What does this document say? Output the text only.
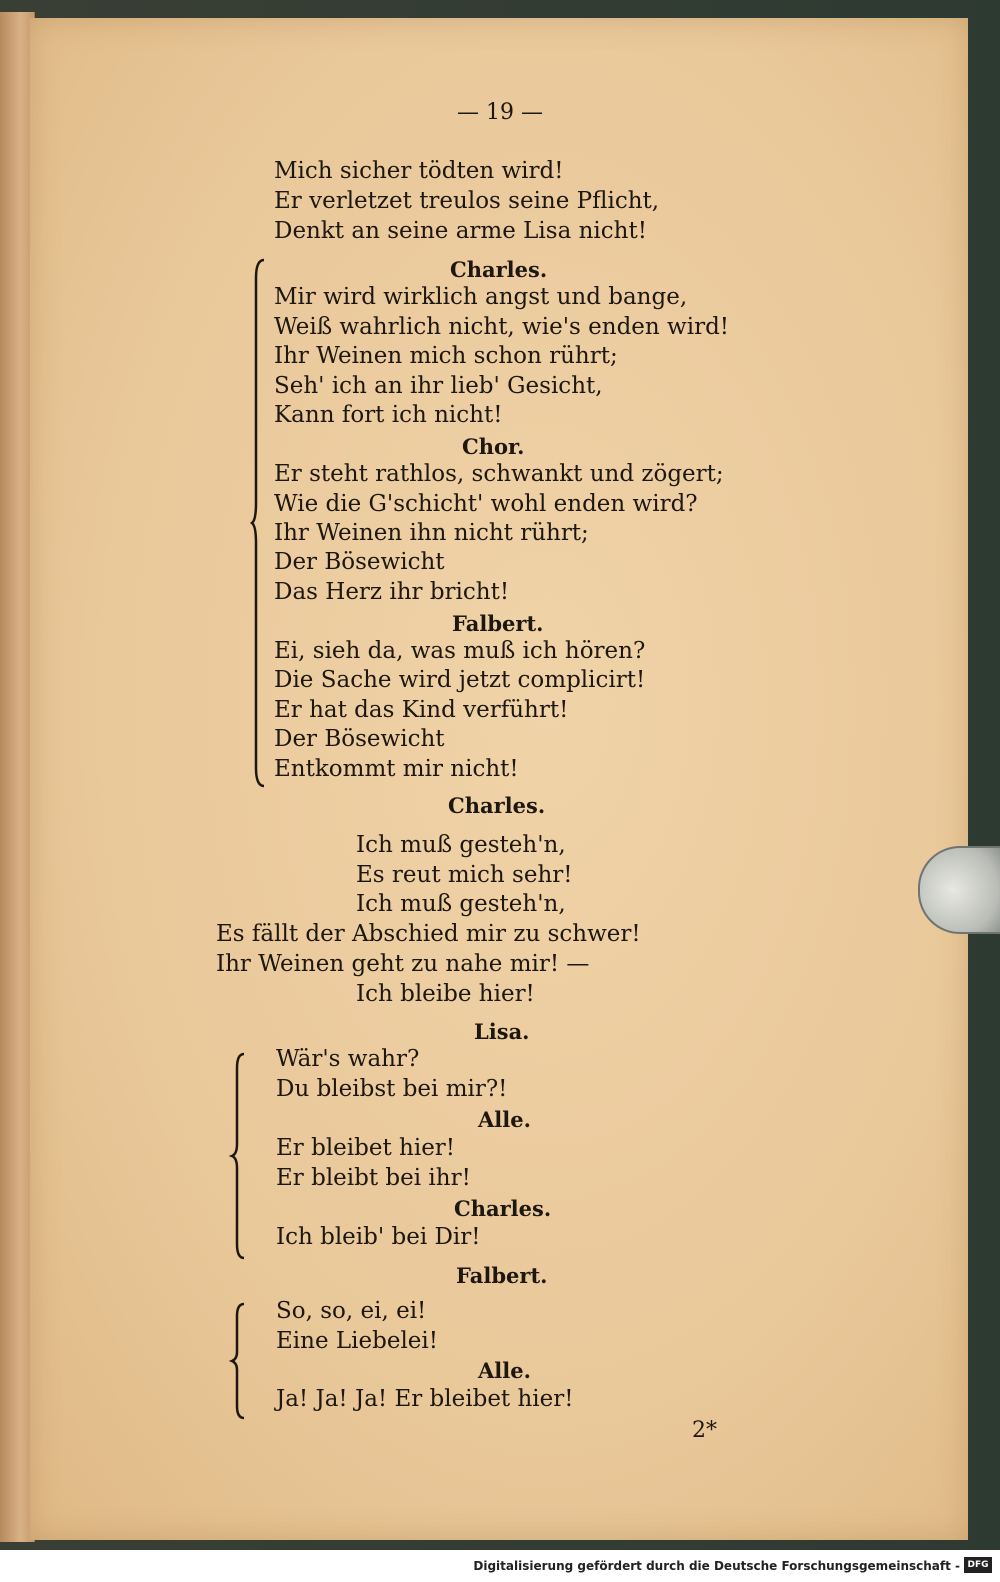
— 19 —
Mich sicher tödten wird!
Er verletzet treulos seine Pflicht,
Denkt an seine arme Lisa nicht!
Charles.
Mir wird wirklich angst und bange,
Weiß wahrlich nicht, wie's enden wird!
Ihr Weinen mich schon rührt;
Seh' ich an ihr lieb' Gesicht,
Kann fort ich nicht!
Chor.
Er steht rathlos, schwankt und zögert;
Wie die G'schicht' wohl enden wird?
Ihr Weinen ihn nicht rührt;
Der Bösewicht
Das Herz ihr bricht!
Falbert.
Ei, sieh da, was muß ich hören?
Die Sache wird jetzt complicirt!
Er hat das Kind verführt!
Der Bösewicht
Entkommt mir nicht!
Charles.
Ich muß gesteh'n,
Es reut mich sehr!
Ich muß gesteh'n,
Es fällt der Abschied mir zu schwer!
Ihr Weinen geht zu nahe mir! —
Ich bleibe hier!
Lisa.
Wär's wahr?
Du bleibst bei mir?!
Alle.
Er bleibet hier!
Er bleibt bei ihr!
Charles.
Ich bleib' bei Dir!
Falbert.
So, so, ei, ei!
Eine Liebelei!
Alle.
Ja! Ja! Ja! Er bleibet hier!
2*
Digitalisierung gefördert durch die Deutsche Forschungsgemeinschaft - DFG
